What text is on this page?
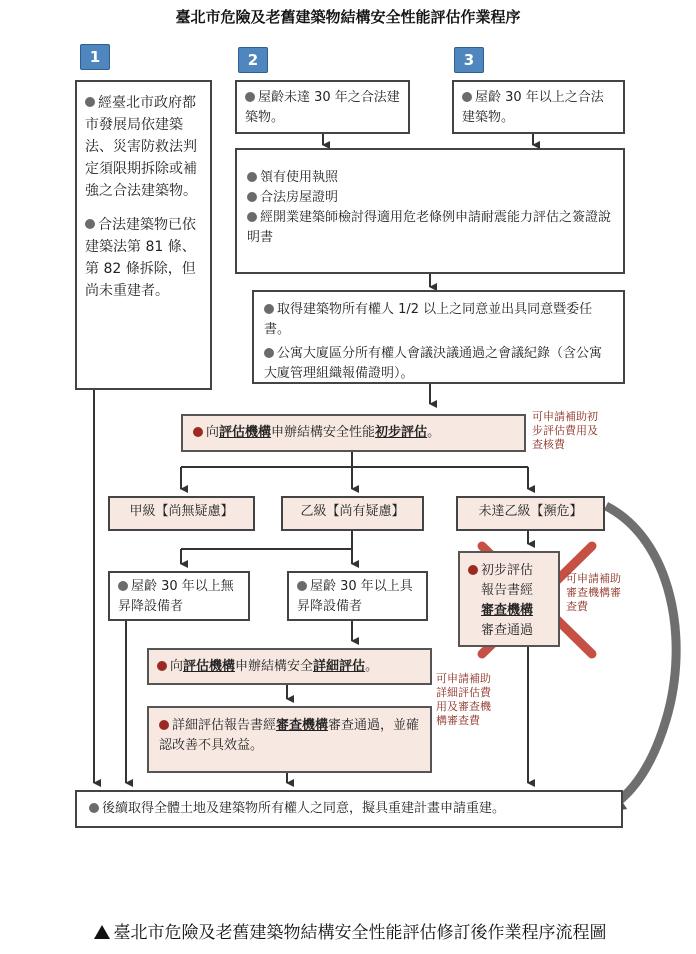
臺北市危險及老舊建築物結構安全性能評估作業程序
1	2	3
經臺北市政府都市發展局依建築法、災害防救法判定須限期拆除或補強之合法建築物。
合法建築物已依建築法第 81 條、第 82 條拆除，但尚未重建者。
屋齡未達 30 年之合法建築物。
屋齡 30 年以上之合法建築物。
領有使用執照
合法房屋證明
經開業建築師檢討得適用危老條例申請耐震能力評估之簽證說明書
取得建築物所有權人 1/2 以上之同意並出具同意暨委任書。
公寓大廈區分所有權人會議決議通過之會議紀錄（含公寓大廈管理組織報備證明）。
向評估機構申辦結構安全性能初步評估。
可申請補助初步評估費用及查核費
甲級【尚無疑慮】	乙級【尚有疑慮】	未達乙級【瀕危】
屋齡 30 年以上無昇降設備者
屋齡 30 年以上具昇降設備者
向評估機構申辦結構安全詳細評估。
可申請補助詳細評估費用及審查機構審查費
詳細評估報告書經審查機構審查通過，並確認改善不具效益。
初步評估
報告書經
審查機構
審查通過
可申請補助審查機構審查費
後續取得全體土地及建築物所有權人之同意，擬具重建計畫申請重建。
臺北市危險及老舊建築物結構安全性能評估修訂後作業程序流程圖
